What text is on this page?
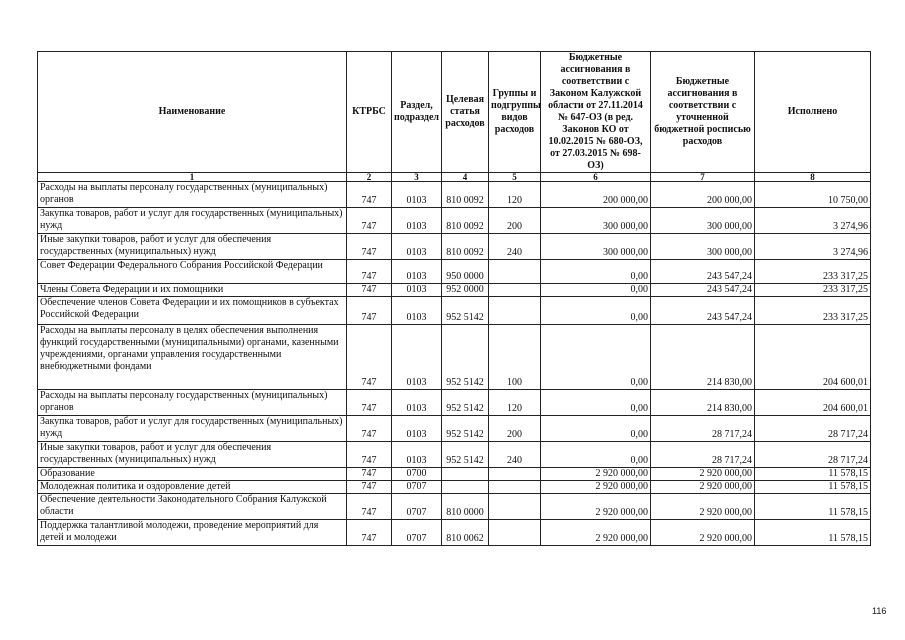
Наименование	КТРБС	Раздел, подраздел	Целевая статья расходов	Группы и подгруппы видов расходов	Бюджетные ассигнования в соответствии с Законом Калужской области от 27.11.2014 № 647-ОЗ (в ред. Законов КО от 10.02.2015 № 680-ОЗ, от 27.03.2015 № 698-ОЗ)	Бюджетные ассигнования в соответствии с уточненной бюджетной росписью расходов	Исполнено
1	2	3	4	5	6	7	8
Расходы на выплаты персоналу государственных (муниципальных) органов	747	0103	810 0092	120	200 000,00	200 000,00	10 750,00
Закупка товаров, работ и услуг для государственных (муниципальных) нужд	747	0103	810 0092	200	300 000,00	300 000,00	3 274,96
Иные закупки товаров, работ и услуг для обеспечения государственных (муниципальных) нужд	747	0103	810 0092	240	300 000,00	300 000,00	3 274,96
Совет Федерации Федерального Собрания Российской Федерации	747	0103	950 0000		0,00	243 547,24	233 317,25
Члены Совета Федерации и их помощники	747	0103	952 0000		0,00	243 547,24	233 317,25
Обеспечение членов Совета Федерации и их помощников в субъектах Российской Федерации	747	0103	952 5142		0,00	243 547,24	233 317,25
Расходы на выплаты персоналу в целях обеспечения выполнения функций государственными (муниципальными) органами, казенными учреждениями, органами управления государственными внебюджетными фондами	747	0103	952 5142	100	0,00	214 830,00	204 600,01
Расходы на выплаты персоналу государственных (муниципальных) органов	747	0103	952 5142	120	0,00	214 830,00	204 600,01
Закупка товаров, работ и услуг для государственных (муниципальных) нужд	747	0103	952 5142	200	0,00	28 717,24	28 717,24
Иные закупки товаров, работ и услуг для обеспечения государственных (муниципальных) нужд	747	0103	952 5142	240	0,00	28 717,24	28 717,24
Образование	747	0700			2 920 000,00	2 920 000,00	11 578,15
Молодежная политика и оздоровление детей	747	0707			2 920 000,00	2 920 000,00	11 578,15
Обеспечение деятельности Законодательного Собрания Калужской области	747	0707	810 0000		2 920 000,00	2 920 000,00	11 578,15
Поддержка талантливой молодежи, проведение мероприятий для детей и молодежи	747	0707	810 0062		2 920 000,00	2 920 000,00	11 578,15
116
